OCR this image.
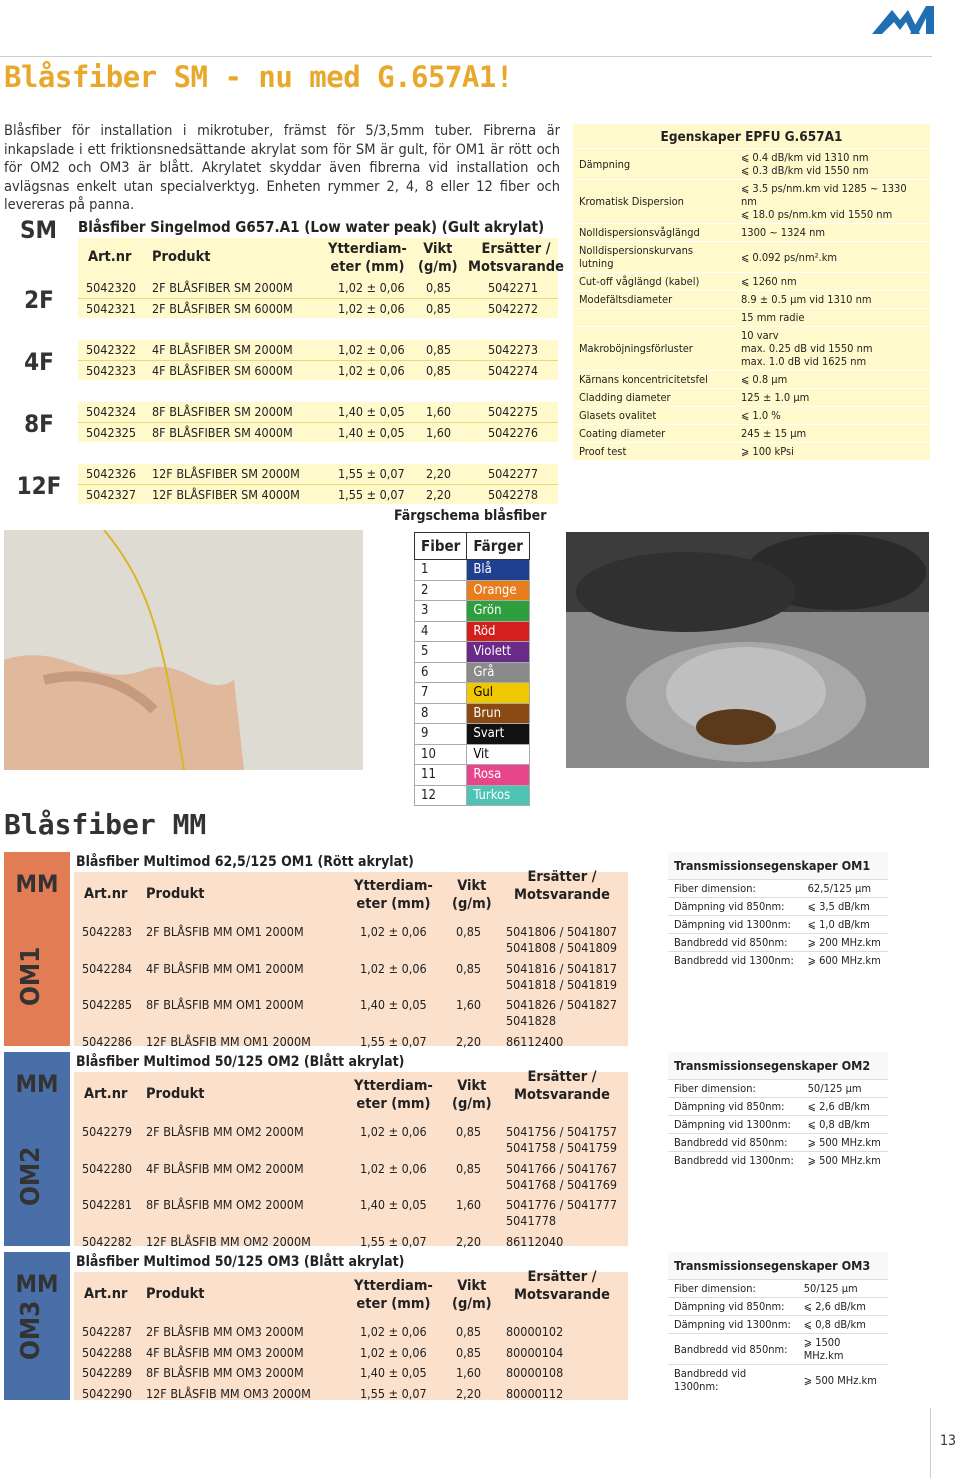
Blåsfiber SM - nu med G.657A1!
Blåsfiber för installation i mikrotuber, främst för 5/3,5mm tuber. Fibrerna är inkapslade i ett friktionsnedsättande akrylat som för SM är gult, för OM1 är rött och för OM2 och OM3 är blått. Akrylatet skyddar även fibrerna vid installation och avlägsnas enkelt utan specialverktyg. Enheten rymmer 2, 4, 8 eller 12 fiber och levereras på panna.
SM Blåsfiber Singelmod G657.A1 (Low water peak) (Gult akrylat)
Art.nr Produkt	Ytterdiam-
eter (mm)
Vikt
(g/m)
Ersätter /
Motsvarande
2F	5042320 2F BLÅSFIBER SM 2000M	1,02 ± 0,06 0,85	5042271
5042321 2F BLÅSFIBER SM 6000M	1,02 ± 0,06 0,85	5042272
4F	5042322 4F BLÅSFIBER SM 2000M	1,02 ± 0,06 0,85	5042273
5042323 4F BLÅSFIBER SM 6000M	1,02 ± 0,06 0,85	5042274
8F	5042324 8F BLÅSFIBER SM 2000M	1,40 ± 0,05 1,60	5042275
5042325 8F BLÅSFIBER SM 4000M	1,40 ± 0,05 1,60	5042276
12F	5042326 12F BLÅSFIBER SM 2000M	1,55 ± 0,07 2,20	5042277
5042327 12F BLÅSFIBER SM 4000M	1,55 ± 0,07 2,20	5042278
Egenskaper EPFU G.657A1
Dämpning	⩽ 0.4 dB/km vid 1310 nm
⩽ 0.3 dB/km vid 1550 nm
Kromatisk Dispersion	⩽ 3.5 ps/nm.km vid 1285 ~ 1330 nm
⩽ 18.0 ps/nm.km vid 1550 nm
Nolldispersionsvåglängd	1300 ~ 1324 nm
Nolldispersionskurvans
lutning	⩽ 0.092 ps/nm².km
Cut-off våglängd (kabel)	⩽ 1260 nm
Modefältsdiameter	8.9 ± 0.5 μm vid 1310 nm
	15 mm radie
Makroböjningsförluster	10 varv
max. 0.25 dB vid 1550 nm
max. 1.0 dB vid 1625 nm
Kärnans koncentricitetsfel	⩽ 0.8 μm
Cladding diameter	125 ± 1.0 μm
Glasets ovalitet	⩽ 1.0 %
Coating diameter	245 ± 15 μm
Proof test	⩾ 100 kPsi
Färgschema blåsfiber
Fiber	Färger
1	Blå
2	Orange
3	Grön
4	Röd
5	Violett
6	Grå
7	Gul
8	Brun
9	Svart
10	Vit
11	Rosa
12	Turkos
Blåsfiber MM
MM
OM1
Blåsfiber Multimod 62,5/125 OM1 (Rött akrylat)
Art.nr Produkt	Ytterdiam-
eter (mm)
Vikt
(g/m)
Ersätter /
Motsvarande
5042283 2F BLÅSFIB MM OM1 2000M	1,02 ± 0,06 0,85 5041806 / 5041807
5041808 / 5041809
5042284 4F BLÅSFIB MM OM1 2000M	1,02 ± 0,06 0,85 5041816 / 5041817
5041818 / 5041819
5042285 8F BLÅSFIB MM OM1 2000M	1,40 ± 0,05 1,60 5041826 / 5041827
5041828
5042286 12F BLÅSFIB MM OM1 2000M	1,55 ± 0,07 2,20 86112400
MM
OM2
Blåsfiber Multimod 50/125 OM2 (Blått akrylat)
Art.nr Produkt	Ytterdiam-
eter (mm)
Vikt
(g/m)
Ersätter /
Motsvarande
5042279 2F BLÅSFIB MM OM2 2000M	1,02 ± 0,06 0,85 5041756 / 5041757
5041758 / 5041759
5042280 4F BLÅSFIB MM OM2 2000M	1,02 ± 0,06 0,85 5041766 / 5041767
5041768 / 5041769
5042281 8F BLÅSFIB MM OM2 2000M	1,40 ± 0,05 1,60 5041776 / 5041777
5041778
5042282 12F BLÅSFIB MM OM2 2000M	1,55 ± 0,07 2,20 86112040
MM
OM3
Blåsfiber Multimod 50/125 OM3 (Blått akrylat)
Art.nr Produkt	Ytterdiam-
eter (mm)
Vikt
(g/m)
Ersätter /
Motsvarande
5042287 2F BLÅSFIB MM OM3 2000M	1,02 ± 0,06 0,85 80000102
5042288 4F BLÅSFIB MM OM3 2000M	1,02 ± 0,06 0,85 80000104
5042289 8F BLÅSFIB MM OM3 2000M	1,40 ± 0,05 1,60 80000108
5042290 12F BLÅSFIB MM OM3 2000M	1,55 ± 0,07 2,20 80000112
Transmissionsegenskaper OM1
Fiber dimension:	62,5/125 μm
Dämpning vid 850nm:	⩽ 3,5 dB/km
Dämpning vid 1300nm:	⩽ 1,0 dB/km
Bandbredd vid 850nm:	⩾ 200 MHz.km
Bandbredd vid 1300nm:	⩾ 600 MHz.km
Transmissionsegenskaper OM2
Fiber dimension:	50/125 μm
Dämpning vid 850nm:	⩽ 2,6 dB/km
Dämpning vid 1300nm:	⩽ 0,8 dB/km
Bandbredd vid 850nm:	⩾ 500 MHz.km
Bandbredd vid 1300nm:	⩾ 500 MHz.km
Transmissionsegenskaper OM3
Fiber dimension:	50/125 μm
Dämpning vid 850nm:	⩽ 2,6 dB/km
Dämpning vid 1300nm:	⩽ 0,8 dB/km
Bandbredd vid 850nm:	⩾ 1500 MHz.km
Bandbredd vid 1300nm:	⩾ 500 MHz.km
13
